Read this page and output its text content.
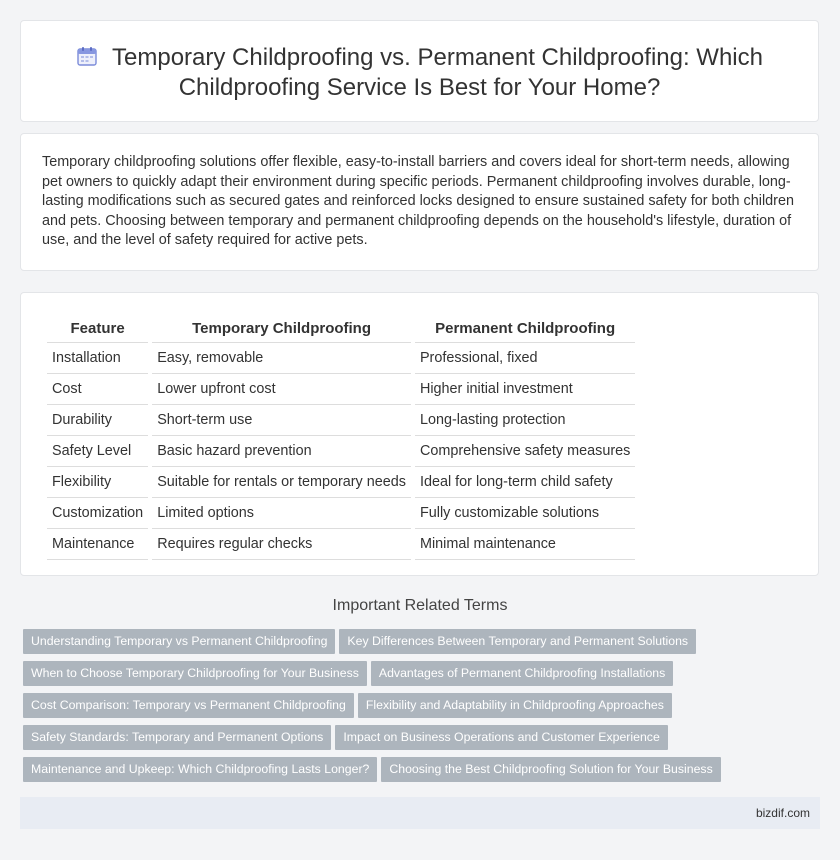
Temporary Childproofing vs. Permanent Childproofing: Which Childproofing Service Is Best for Your Home?
Temporary childproofing solutions offer flexible, easy-to-install barriers and covers ideal for short-term needs, allowing pet owners to quickly adapt their environment during specific periods. Permanent childproofing involves durable, long-lasting modifications such as secured gates and reinforced locks designed to ensure sustained safety for both children and pets. Choosing between temporary and permanent childproofing depends on the household's lifestyle, duration of use, and the level of safety required for active pets.
Feature	Temporary Childproofing	Permanent Childproofing
Installation	Easy, removable	Professional, fixed
Cost	Lower upfront cost	Higher initial investment
Durability	Short-term use	Long-lasting protection
Safety Level	Basic hazard prevention	Comprehensive safety measures
Flexibility	Suitable for rentals or temporary needs	Ideal for long-term child safety
Customization	Limited options	Fully customizable solutions
Maintenance	Requires regular checks	Minimal maintenance
Important Related Terms
Understanding Temporary vs Permanent Childproofing Key Differences Between Temporary and Permanent Solutions
When to Choose Temporary Childproofing for Your Business Advantages of Permanent Childproofing Installations
Cost Comparison: Temporary vs Permanent Childproofing Flexibility and Adaptability in Childproofing Approaches
Safety Standards: Temporary and Permanent Options Impact on Business Operations and Customer Experience
Maintenance and Upkeep: Which Childproofing Lasts Longer? Choosing the Best Childproofing Solution for Your Business
bizdif.com
